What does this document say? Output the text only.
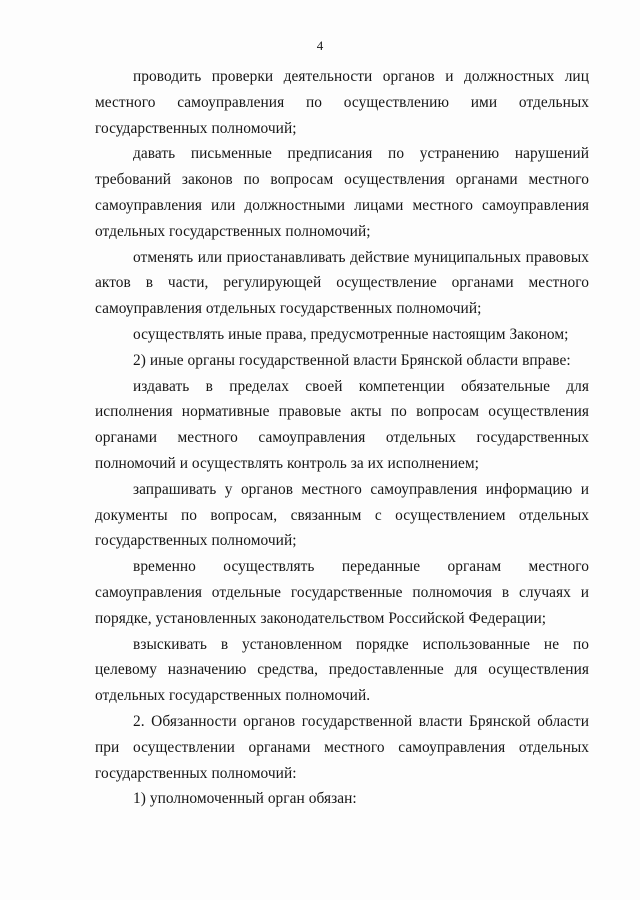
4

проводить проверки деятельности органов и должностных лиц местного самоуправления по осуществлению ими отдельных государственных полномочий;

давать письменные предписания по устранению нарушений требований законов по вопросам осуществления органами местного самоуправления или должностными лицами местного самоуправления отдельных государственных полномочий;

отменять или приостанавливать действие муниципальных правовых актов в части, регулирующей осуществление органами местного самоуправления отдельных государственных полномочий;

осуществлять иные права, предусмотренные настоящим Законом;

2) иные органы государственной власти Брянской области вправе:

издавать в пределах своей компетенции обязательные для исполнения нормативные правовые акты по вопросам осуществления органами местного самоуправления отдельных государственных полномочий и осуществлять контроль за их исполнением;

запрашивать у органов местного самоуправления информацию и документы по вопросам, связанным с осуществлением отдельных государственных полномочий;

временно осуществлять переданные органам местного самоуправления отдельные государственные полномочия в случаях и порядке, установленных законодательством Российской Федерации;

взыскивать в установленном порядке использованные не по целевому назначению средства, предоставленные для осуществления отдельных государственных полномочий.

2. Обязанности органов государственной власти Брянской области при осуществлении органами местного самоуправления отдельных государственных полномочий:

1) уполномоченный орган обязан:
